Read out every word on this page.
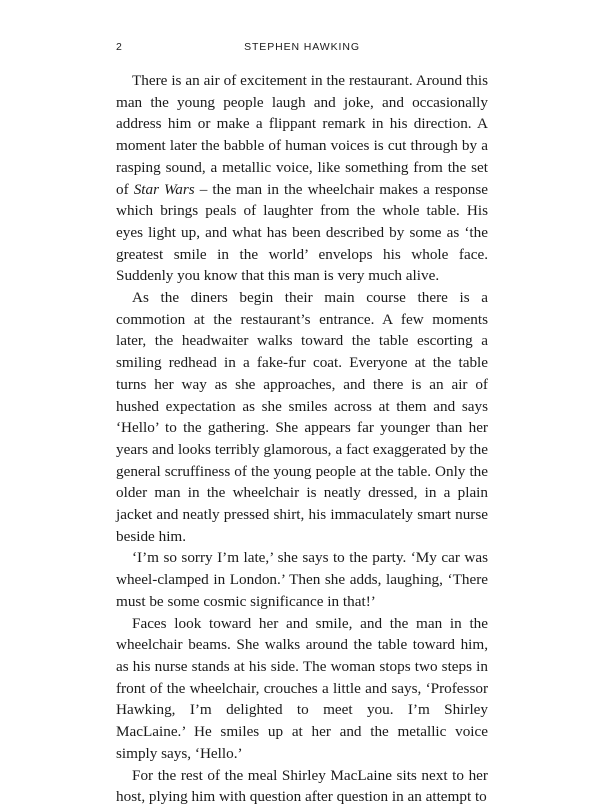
2	STEPHEN HAWKING

There is an air of excitement in the restaurant. Around this man the young people laugh and joke, and occasionally address him or make a flippant remark in his direction. A moment later the babble of human voices is cut through by a rasping sound, a metallic voice, like something from the set of Star Wars – the man in the wheelchair makes a response which brings peals of laughter from the whole table. His eyes light up, and what has been described by some as ‘the greatest smile in the world’ envelops his whole face. Suddenly you know that this man is very much alive.

As the diners begin their main course there is a commotion at the restaurant’s entrance. A few moments later, the headwaiter walks toward the table escorting a smiling redhead in a fake-fur coat. Everyone at the table turns her way as she approaches, and there is an air of hushed expectation as she smiles across at them and says ‘Hello’ to the gathering. She appears far younger than her years and looks terribly glamorous, a fact exaggerated by the general scruffiness of the young people at the table. Only the older man in the wheelchair is neatly dressed, in a plain jacket and neatly pressed shirt, his immaculately smart nurse beside him.

‘I’m so sorry I’m late,’ she says to the party. ‘My car was wheel-clamped in London.’ Then she adds, laughing, ‘There must be some cosmic significance in that!’

Faces look toward her and smile, and the man in the wheelchair beams. She walks around the table toward him, as his nurse stands at his side. The woman stops two steps in front of the wheelchair, crouches a little and says, ‘Professor Hawking, I’m delighted to meet you. I’m Shirley MacLaine.’ He smiles up at her and the metallic voice simply says, ‘Hello.’

For the rest of the meal Shirley MacLaine sits next to her host, plying him with question after question in an attempt to
